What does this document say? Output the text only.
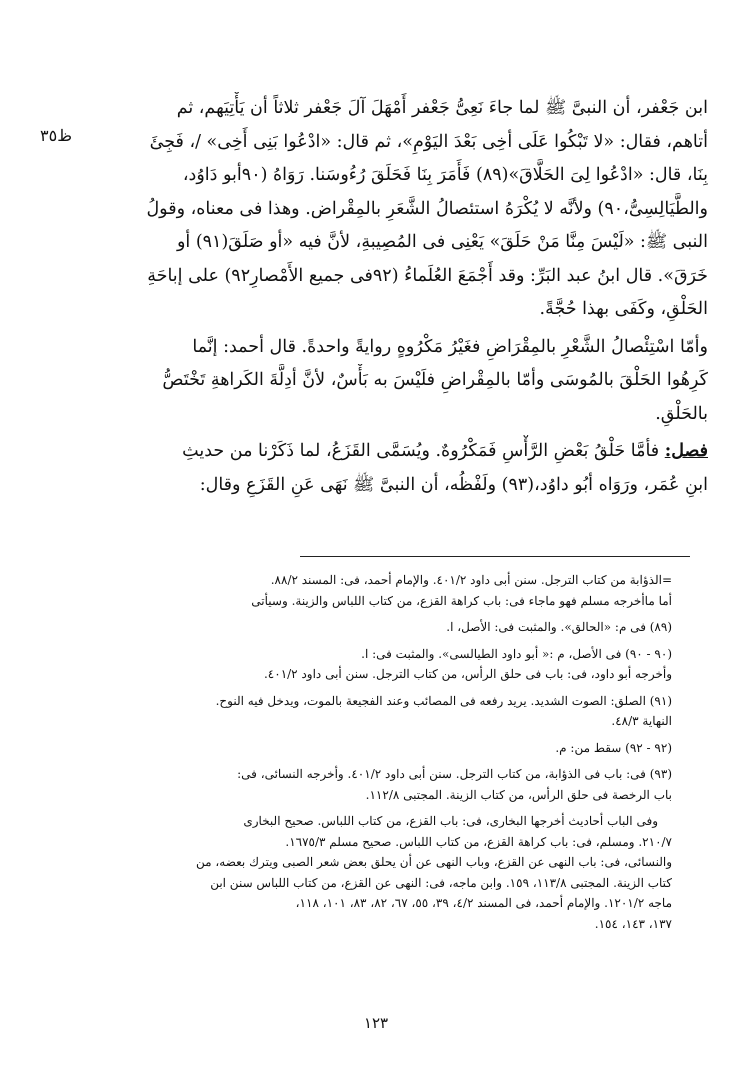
ظ٣٥

ابن جَعْفر، أن النبىَّ ﷺ لما جاءَ نَعِىُّ جَعْفر أَمْهَلَ آلَ جَعْفر ثلاثاً أن يَأْتِيَهم، ثم
أتاهم، فقال: «لا تَبْكُوا عَلَى أخِى بَعْدَ اليَوْمِ»، ثم قال: «ادْعُوا بَنِى أَخِى» /، فَجِئَ
بِنَا، قال: «ادْعُوا لِىَ الحَلَّاقَ»(٨٩) فَأَمَرَ بِنَا فَحَلَقَ رُءُوسَنا. رَوَاهُ (٩٠أبو دَاوُد،
والطَّيَالِسِىُّ،٩٠) ولأنَّه لا يُكْرَهُ استئصالُ الشَّعَرِ بالمِقْراض. وهذا فى معناه، وقولُ
النبى ﷺ: «لَيْسَ مِنَّا مَنْ حَلَقَ» يَعْنِى فى المُصِيبةِ، لأنَّ فيه «أو صَلَقَ(٩١) أو
خَرَقَ». قال ابنُ عبد البَرِّ: وقد أَجْمَعَ العُلَماءُ (٩٢فى جميع الأَمْصارِ٩٢) على إباحَةِ
الحَلْقِ، وكَفَى بهذا حُجَّةً.

وأمّا اسْتِئْصالُ الشَّعْرِ بالمِقْرَاضِ فغَيْرُ مَكْرُوهٍ روايةً واحدةً. قال أحمد: إنَّما
كَرِهُوا الحَلْقَ بالمُوسَى وأمّا بالمِقْراضِ فلَيْسَ به بَأْسٌ، لأنَّ أدِلَّةَ الكَراهةِ تَخْتَصُّ
بالحَلْقِ.

فصل: فأمَّا حَلْقُ بَعْضِ الرَّأْسِ فَمَكْرُوهٌ. ويُسَمَّى القَزَعُ، لما ذَكَرْنا من حديثِ
ابنِ عُمَر، ورَوَاه أبُو داوُد،(٩٣) ولَفْظُه، أن النبىَّ ﷺ نَهَى عَنِ القَزَعِ وقال:

=الذؤابة من كتاب الترجل. سنن أبى داود ٤٠١/٢. والإمام أحمد، فى: المسند ٨٨/٢.
أما ماأخرجه مسلم فهو ماجاء فى: باب كراهة القزع، من كتاب اللباس والزينة. وسيأتى
(٨٩) فى م: «الحالق». والمثبت فى: الأصل، ا.
(٩٠ - ٩٠) فى الأصل، م :« أبو داود الطيالسى». والمثبت فى: ا.
وأخرجه أبو داود، فى: باب فى حلق الرأس، من كتاب الترجل. سنن أبى داود ٤٠١/٢.
(٩١) الصلق: الصوت الشديد. يريد رفعه فى المصائب وعند الفجيعة بالموت، ويدخل فيه النوح.
النهاية ٤٨/٣.
(٩٢ - ٩٢) سقط من: م.
(٩٣) فى: باب فى الذؤابة، من كتاب الترجل. سنن أبى داود ٤٠١/٢. وأخرجه النسائى، فى:
باب الرخصة فى حلق الرأس، من كتاب الزينة. المجتبى ١١٢/٨.
وفى الباب أحاديث أخرجها البخارى، فى: باب القزع، من كتاب اللباس. صحيح البخارى
٢١٠/٧. ومسلم، فى: باب كراهة القزع، من كتاب اللباس. صحيح مسلم ١٦٧٥/٣.
والنسائى، فى: باب النهى عن القزع، وباب النهى عن أن يحلق بعض شعر الصبى ويترك بعضه، من
كتاب الزينة. المجتبى ١١٣/٨، ١٥٩. وابن ماجه، فى: النهى عن القزع، من كتاب اللباس سنن ابن
ماجه ١٢٠١/٢. والإمام أحمد، فى المسند ٤/٢، ٣٩، ٥٥، ٦٧، ٨٢، ٨٣، ١٠١، ١١٨،
١٣٧، ١٤٣، ١٥٤.
١٢٣
